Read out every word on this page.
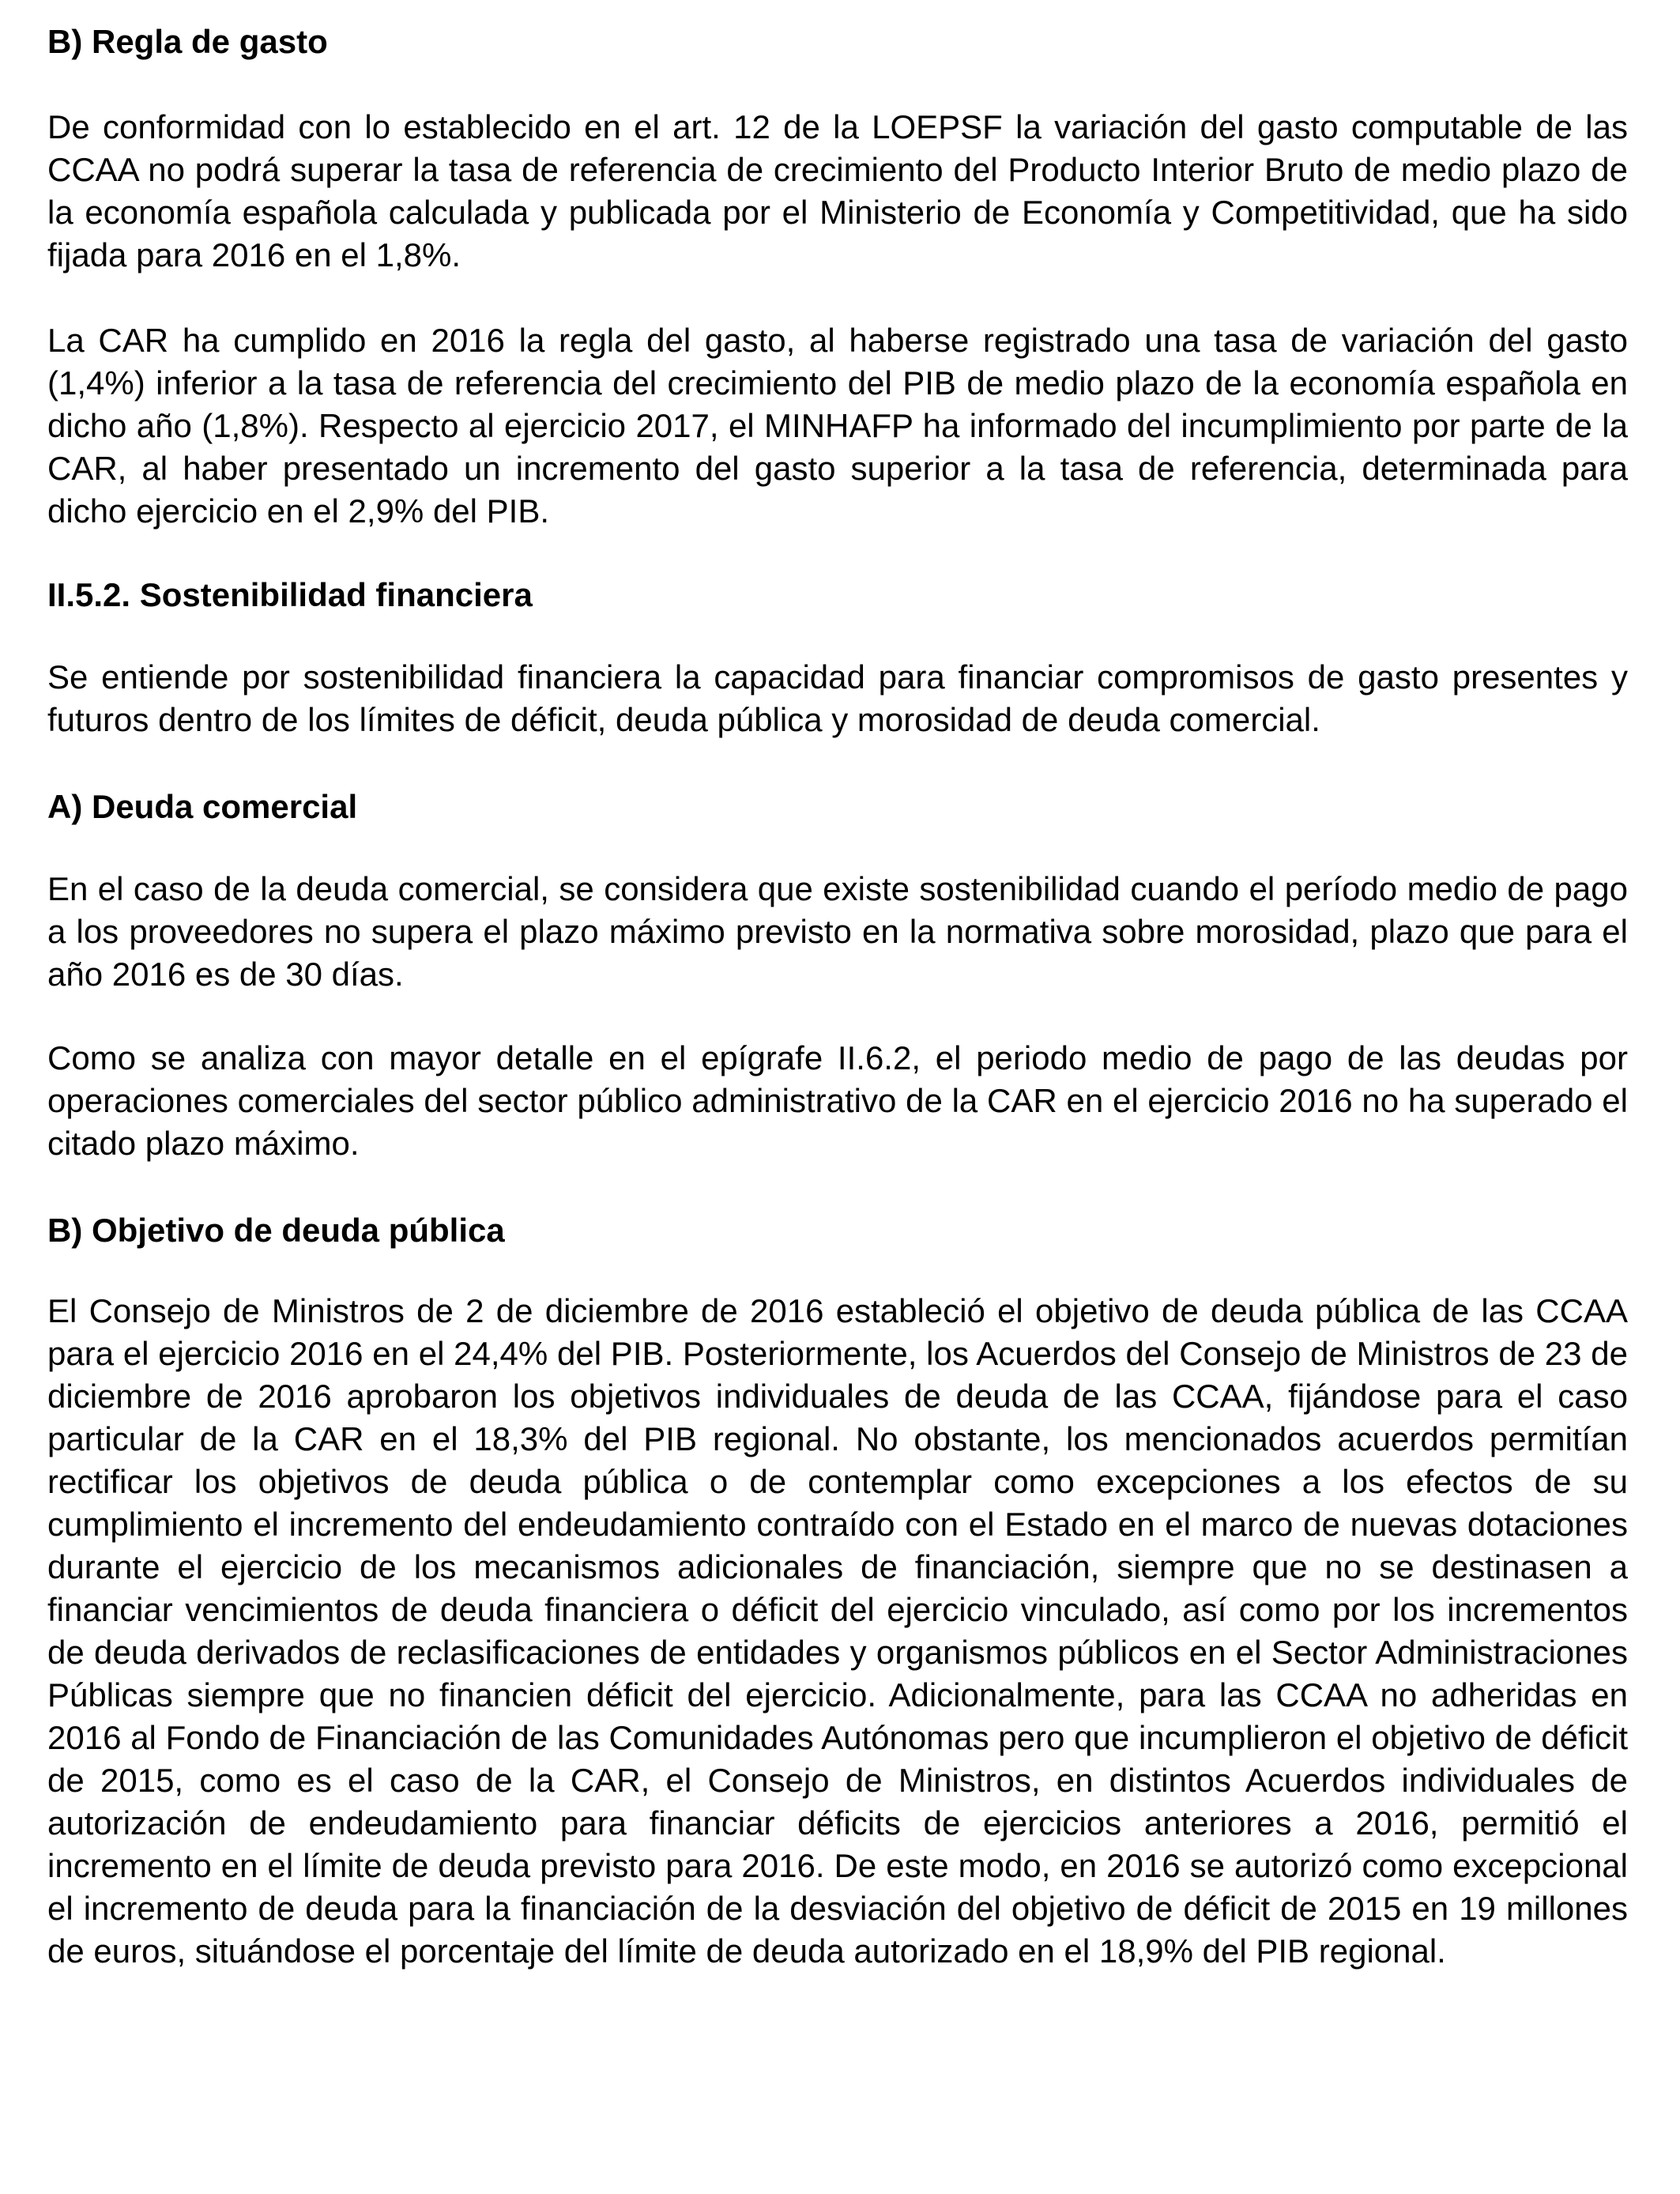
B) Regla de gasto
De conformidad con lo establecido en el art. 12 de la LOEPSF la variación del gasto computable de las CCAA no podrá superar la tasa de referencia de crecimiento del Producto Interior Bruto de medio plazo de la economía española calculada y publicada por el Ministerio de Economía y Competitividad, que ha sido fijada para 2016 en el 1,8%.
La CAR ha cumplido en 2016 la regla del gasto, al haberse registrado una tasa de variación del gasto (1,4%) inferior a la tasa de referencia del crecimiento del PIB de medio plazo de la economía española en dicho año (1,8%). Respecto al ejercicio 2017, el MINHAFP ha informado del incumplimiento por parte de la CAR, al haber presentado un incremento del gasto superior a la tasa de referencia, determinada para dicho ejercicio en el 2,9% del PIB.
II.5.2. Sostenibilidad financiera
Se entiende por sostenibilidad financiera la capacidad para financiar compromisos de gasto presentes y futuros dentro de los límites de déficit, deuda pública y morosidad de deuda comercial.
A) Deuda comercial
En el caso de la deuda comercial, se considera que existe sostenibilidad cuando el período medio de pago a los proveedores no supera el plazo máximo previsto en la normativa sobre morosidad, plazo que para el año 2016 es de 30 días.
Como se analiza con mayor detalle en el epígrafe II.6.2, el periodo medio de pago de las deudas por operaciones comerciales del sector público administrativo de la CAR en el ejercicio 2016 no ha superado el citado plazo máximo.
B) Objetivo de deuda pública
El Consejo de Ministros de 2 de diciembre de 2016 estableció el objetivo de deuda pública de las CCAA para el ejercicio 2016 en el 24,4% del PIB. Posteriormente, los Acuerdos del Consejo de Ministros de 23 de diciembre de 2016 aprobaron los objetivos individuales de deuda de las CCAA, fijándose para el caso particular de la CAR en el 18,3% del PIB regional. No obstante, los mencionados acuerdos permitían rectificar los objetivos de deuda pública o de contemplar como excepciones a los efectos de su cumplimiento el incremento del endeudamiento contraído con el Estado en el marco de nuevas dotaciones durante el ejercicio de los mecanismos adicionales de financiación, siempre que no se destinasen a financiar vencimientos de deuda financiera o déficit del ejercicio vinculado, así como por los incrementos de deuda derivados de reclasificaciones de entidades y organismos públicos en el Sector Administraciones Públicas siempre que no financien déficit del ejercicio. Adicionalmente, para las CCAA no adheridas en 2016 al Fondo de Financiación de las Comunidades Autónomas pero que incumplieron el objetivo de déficit de 2015, como es el caso de la CAR, el Consejo de Ministros, en distintos Acuerdos individuales de autorización de endeudamiento para financiar déficits de ejercicios anteriores a 2016, permitió el incremento en el límite de deuda previsto para 2016. De este modo, en 2016 se autorizó como excepcional el incremento de deuda para la financiación de la desviación del objetivo de déficit de 2015 en 19 millones de euros, situándose el porcentaje del límite de deuda autorizado en el 18,9% del PIB regional.
